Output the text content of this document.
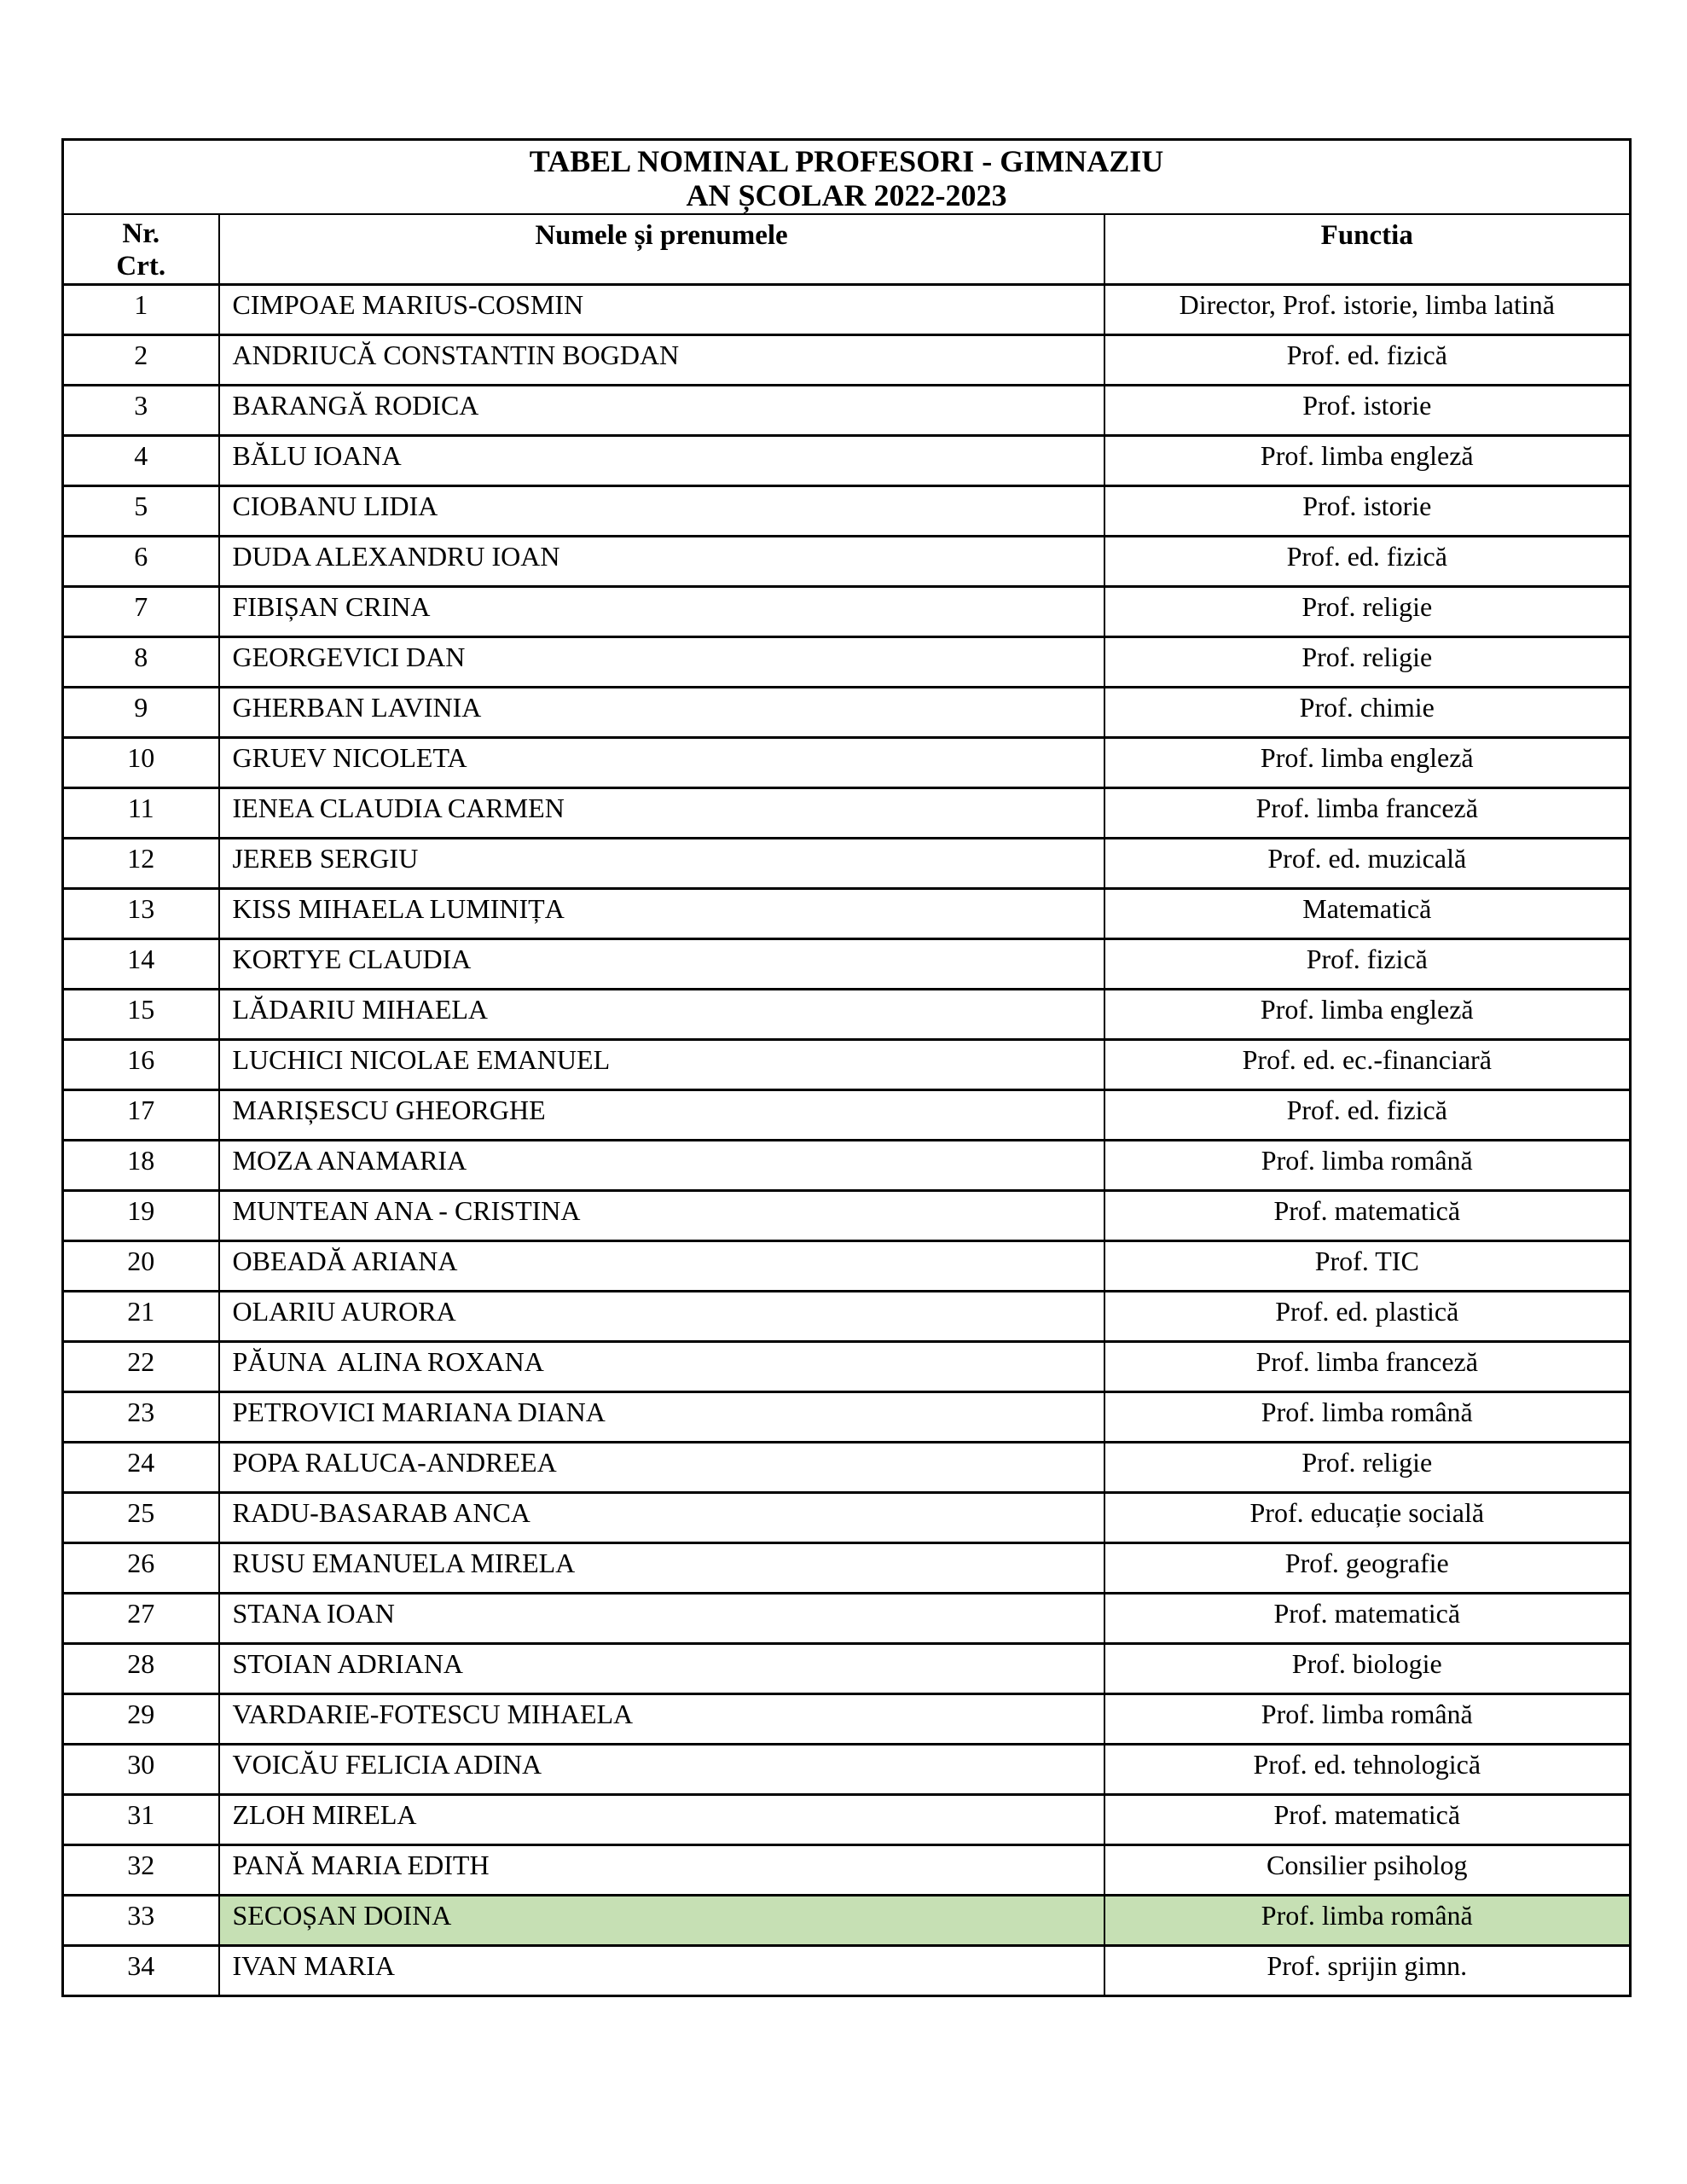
TABEL NOMINAL PROFESORI - GIMNAZIU
AN ȘCOLAR 2022-2023		

Nr.
Crt.	Numele și prenumele	Functia
1	CIMPOAE MARIUS-COSMIN	Director, Prof. istorie, limba latină
2	ANDRIUCĂ CONSTANTIN BOGDAN	Prof. ed. fizică
3	BARANGĂ RODICA	Prof. istorie
4	BĂLU IOANA	Prof. limba engleză
5	CIOBANU LIDIA	Prof. istorie
6	DUDA ALEXANDRU IOAN	Prof. ed. fizică
7	FIBIȘAN CRINA	Prof. religie
8	GEORGEVICI DAN	Prof. religie
9	GHERBAN LAVINIA	Prof. chimie
10	GRUEV NICOLETA	Prof. limba engleză
11	IENEA CLAUDIA CARMEN	Prof. limba franceză
12	JEREB SERGIU	Prof. ed. muzicală
13	KISS MIHAELA LUMINIȚA	Matematică
14	KORTYE CLAUDIA	Prof. fizică
15	LĂDARIU MIHAELA	Prof. limba engleză
16	LUCHICI NICOLAE EMANUEL	Prof. ed. ec.-financiară
17	MARIȘESCU GHEORGHE	Prof. ed. fizică
18	MOZA ANAMARIA	Prof. limba română
19	MUNTEAN ANA - CRISTINA	Prof. matematică
20	OBEADĂ ARIANA	Prof. TIC
21	OLARIU AURORA	Prof. ed. plastică
22	PĂUNA  ALINA ROXANA	Prof. limba franceză
23	PETROVICI MARIANA DIANA	Prof. limba română
24	POPA RALUCA-ANDREEA	Prof. religie
25	RADU-BASARAB ANCA	Prof. educație socială
26	RUSU EMANUELA MIRELA	Prof. geografie
27	STANA IOAN	Prof. matematică
28	STOIAN ADRIANA	Prof. biologie
29	VARDARIE-FOTESCU MIHAELA	Prof. limba română
30	VOICĂU FELICIA ADINA	Prof. ed. tehnologică
31	ZLOH MIRELA	Prof. matematică
32	PANĂ MARIA EDITH	Consilier psiholog
33	SECOȘAN DOINA	Prof. limba română
34	IVAN MARIA	Prof. sprijin gimn.
